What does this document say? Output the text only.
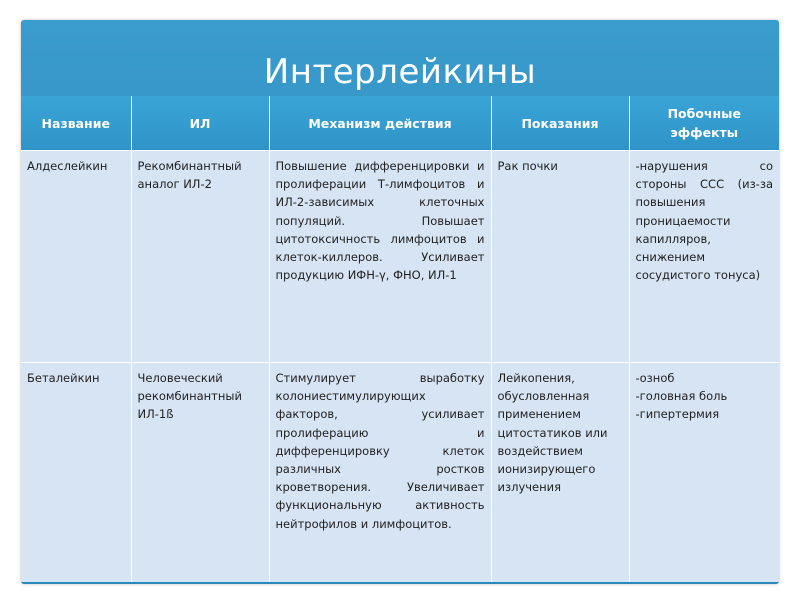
Интерлейкины
Название	ИЛ	Механизм действия	Показания	Побочные эффекты
Алдеслейкин	Рекомбинантный аналог ИЛ-2	Повышение дифференцировки и пролиферации Т-лимфоцитов и ИЛ-2-зависимых клеточных популяций. Повышает цитотоксичность лимфоцитов и клеток-киллеров. Усиливает продукцию ИФН-γ, ФНО, ИЛ-1	Рак почки	-нарушения со стороны ССС (из-за повышения проницаемости капилляров, снижением сосудистого тонуса)
Беталейкин	Человеческий рекомбинантный ИЛ-1ß	Стимулирует выработку колониестимулирующих факторов, усиливает пролиферацию и дифференцировку клеток различных ростков кроветворения. Увеличивает функциональную активность нейтрофилов и лимфоцитов.	Лейкопения, обусловленная применением цитостатиков или воздействием ионизирующего излучения	-озноб
-головная боль
-гипертермия
